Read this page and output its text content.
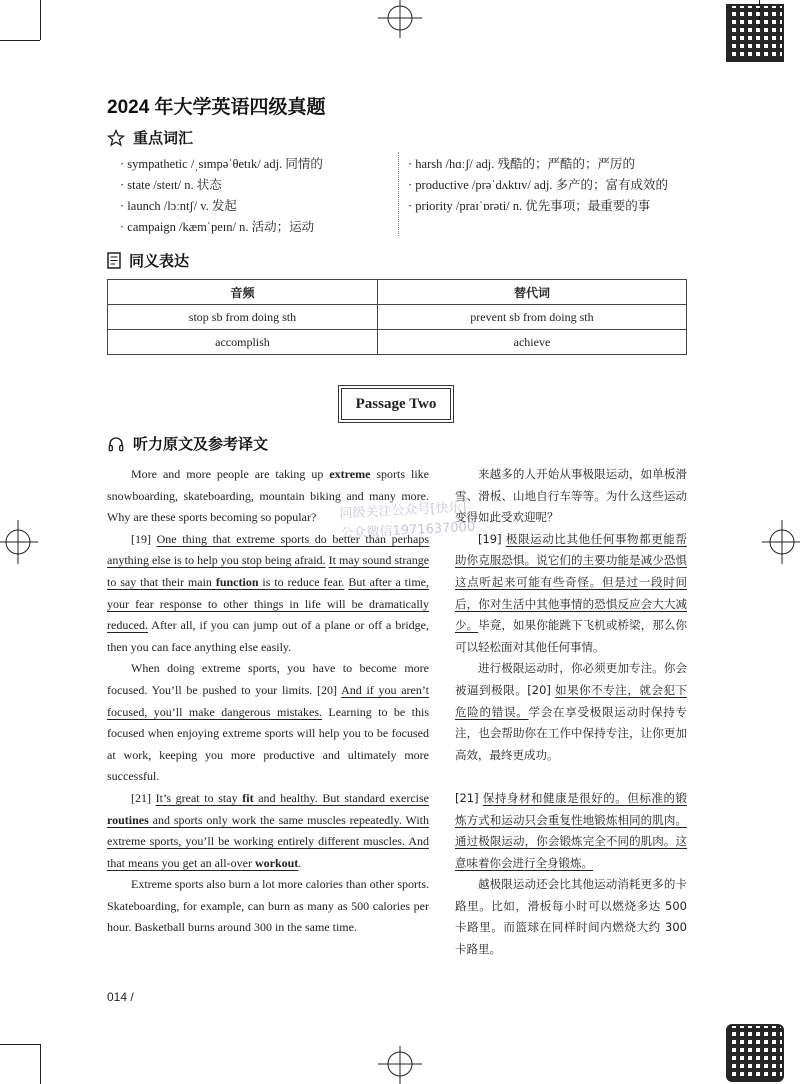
2024 年大学英语四级真题
重点词汇
· sympathetic /ˌsɪmpəˈθetɪk/ adj. 同情的
· state /steɪt/ n. 状态
· launch /lɔːntʃ/ v. 发起
· campaign /kæmˈpeɪn/ n. 活动；运动
· harsh /hɑːʃ/ adj. 残酷的；严酷的；严厉的
· productive /prəˈdʌktɪv/ adj. 多产的；富有成效的
· priority /praɪˈɒrəti/ n. 优先事项；最重要的事
同义表达
音频	替代词
stop sb from doing sth	prevent sb from doing sth
accomplish	achieve
Passage Two
听力原文及参考译文

More and more people are taking up extreme sports like snowboarding, skateboarding, mountain biking and many more. Why are these sports becoming so popular?

[19] One thing that extreme sports do better than perhaps anything else is to help you stop being afraid. It may sound strange to say that their main function is to reduce fear. But after a time, your fear response to other things in life will be dramatically reduced. After all, if you can jump out of a plane or off a bridge, then you can face anything else easily.

When doing extreme sports, you have to become more focused. You’ll be pushed to your limits. [20] And if you aren’t focused, you’ll make dangerous mistakes. Learning to be this focused when enjoying extreme sports will help you to be focused at work, keeping you more productive and ultimately more successful.

[21] It’s great to stay fit and healthy. But standard exercise routines and sports only work the same muscles repeatedly. With extreme sports, you’ll be working entirely different muscles. And that means you get an all-over workout.

Extreme sports also burn a lot more calories than other sports. Skateboarding, for example, can burn as many as 500 calories per hour. Basketball burns around 300 in the same time.

来越多的人开始从事极限运动，如单板滑雪、滑板、山地自行车等等。为什么这些运动变得如此受欢迎呢？

[19] 极限运动比其他任何事物都更能帮助你克服恐惧。说它们的主要功能是减少恐惧这点听起来可能有些奇怪。但是过一段时间后，你对生活中其他事情的恐惧反应会大大减少。毕竟，如果你能跳下飞机或桥梁，那么你可以轻松面对其他任何事情。

进行极限运动时，你必须更加专注。你会被逼到极限。[20] 如果你不专注，就会犯下危险的错误。学会在享受极限运动时保持专注，也会帮助你在工作中保持专注，让你更加高效，最终更成功。

[21] 保持身材和健康是很好的。但标准的锻炼方式和运动只会重复性地锻炼相同的肌肉。通过极限运动，你会锻炼完全不同的肌肉。这意味着你会进行全身锻炼。

越极限运动还会比其他运动消耗更多的卡路里。比如，滑板每小时可以燃烧多达 500 卡路里。而篮球在同样时间内燃烧大约 300 卡路里。

同级关注公众号[快乐]
公众微信1971637000
014 /
